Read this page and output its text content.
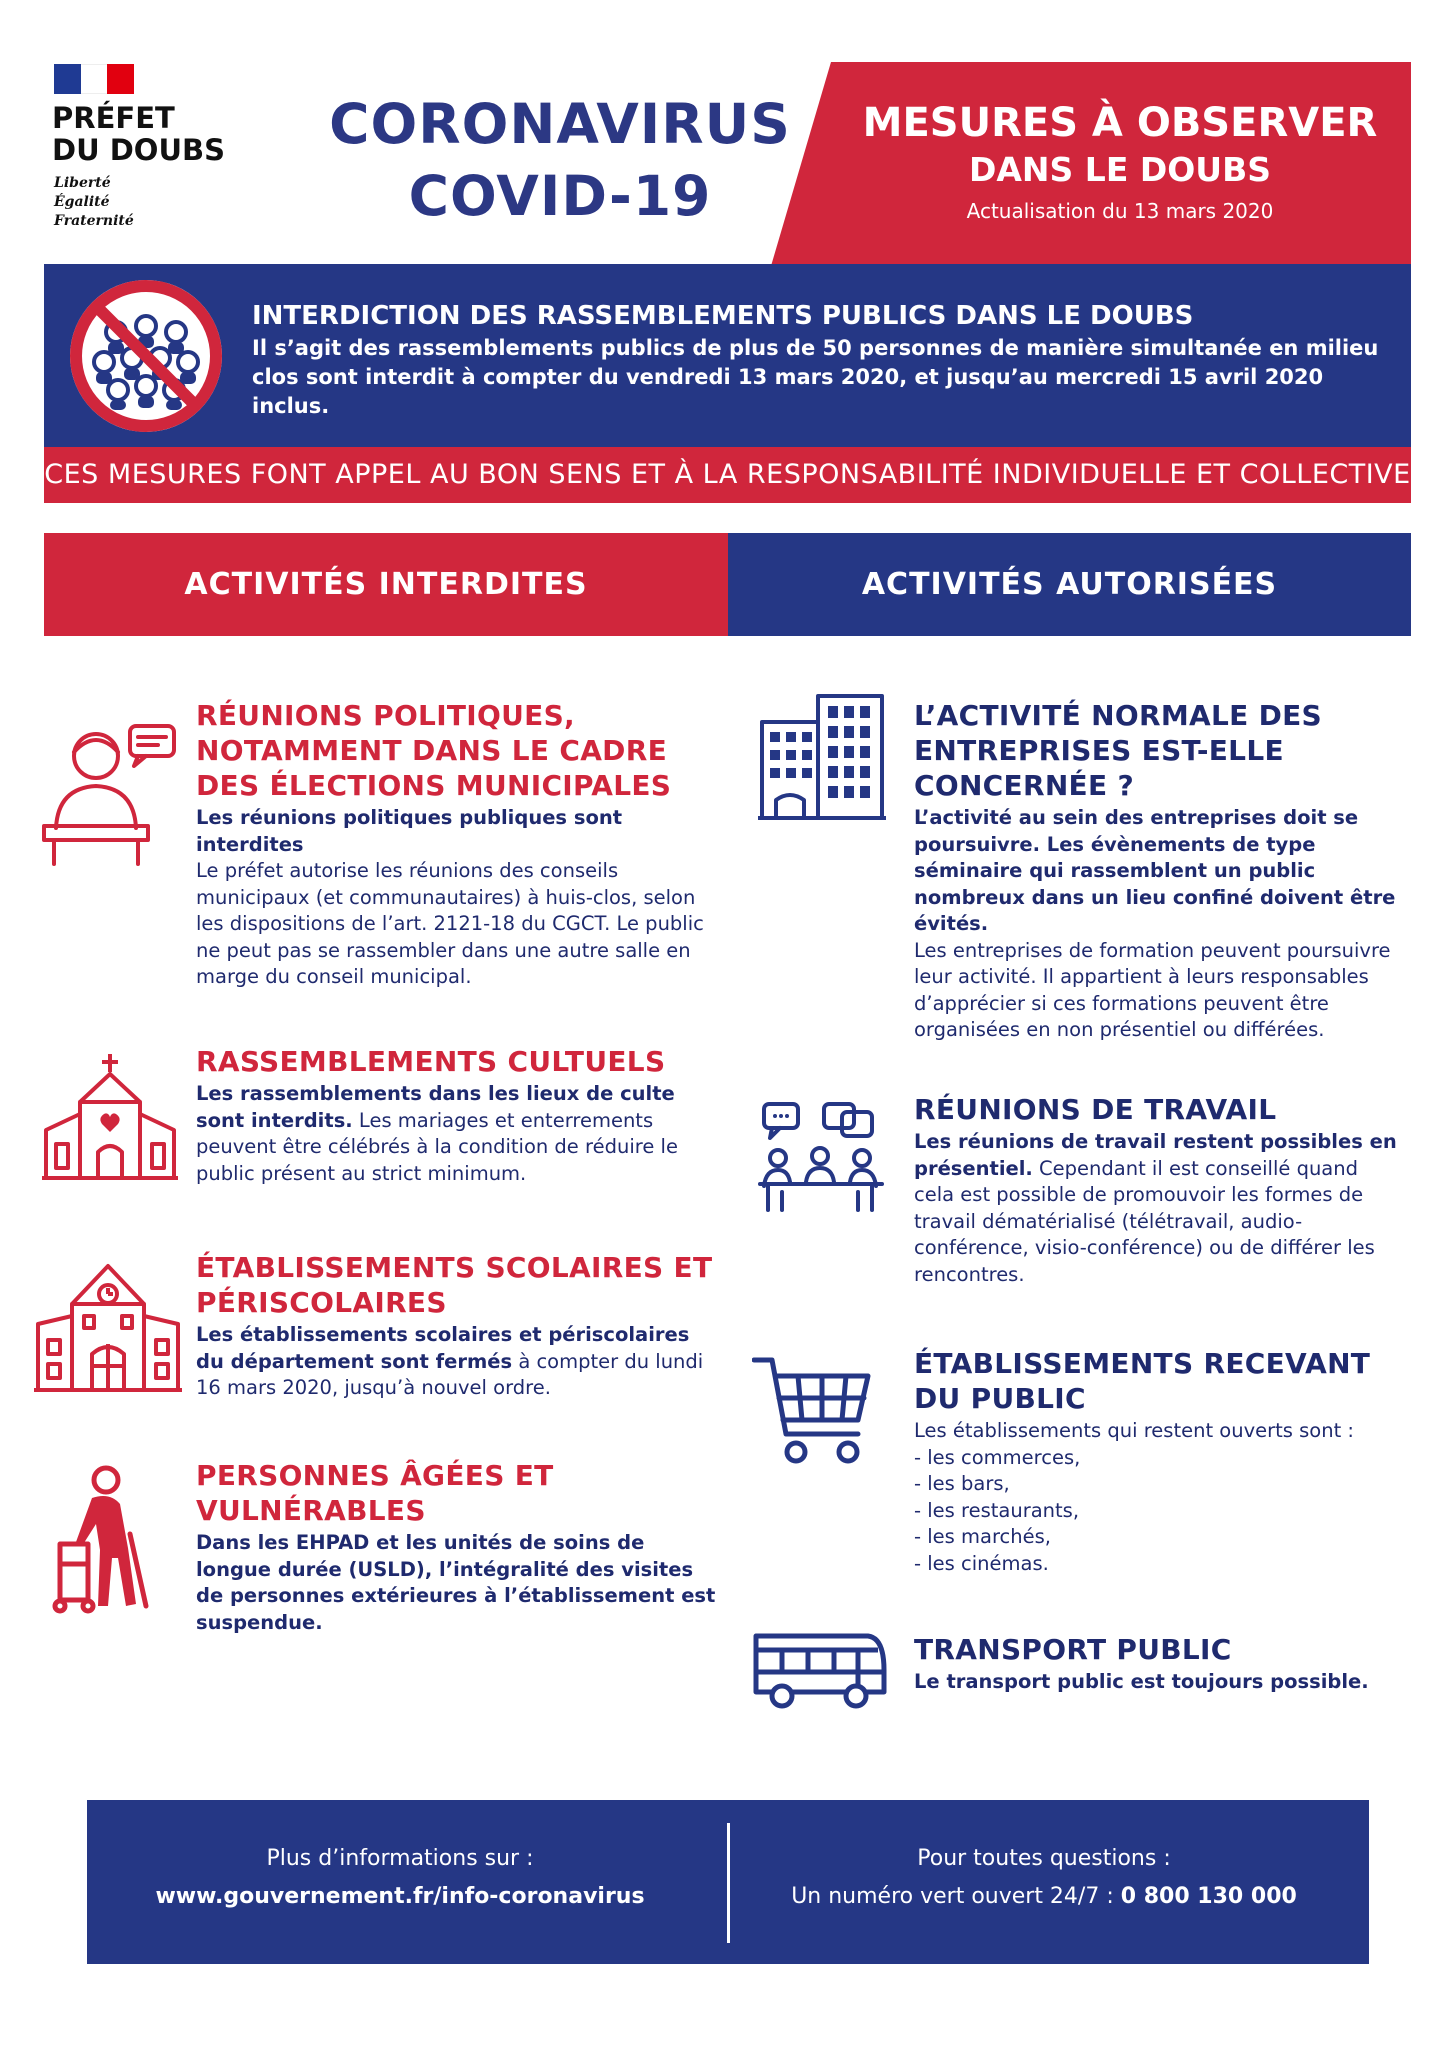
PRÉFET
DU DOUBS
Liberté
Égalité
Fraternité
CORONAVIRUS
COVID-19
MESURES À OBSERVER
DANS LE DOUBS
Actualisation du 13 mars 2020
INTERDICTION DES RASSEMBLEMENTS PUBLICS DANS LE DOUBS
Il s’agit des rassemblements publics de plus de 50 personnes de manière simultanée en milieu clos sont interdit à compter du vendredi 13 mars 2020, et jusqu’au mercredi 15 avril 2020 inclus.
CES MESURES FONT APPEL AU BON SENS ET À LA RESPONSABILITÉ INDIVIDUELLE ET COLLECTIVE
ACTIVITÉS INTERDITES	ACTIVITÉS AUTORISÉES
RÉUNIONS POLITIQUES, NOTAMMENT DANS LE CADRE DES ÉLECTIONS MUNICIPALES
Les réunions politiques publiques sont interdites
Le préfet autorise les réunions des conseils municipaux (et communautaires) à huis-clos, selon les dispositions de l’art. 2121-18 du CGCT. Le public ne peut pas se rassembler dans une autre salle en marge du conseil municipal.
RASSEMBLEMENTS CULTUELS
Les rassemblements dans les lieux de culte sont interdits. Les mariages et enterrements peuvent être célébrés à la condition de réduire le public présent au strict minimum.
ÉTABLISSEMENTS SCOLAIRES ET PÉRISCOLAIRES
Les établissements scolaires et périscolaires du département sont fermés à compter du lundi 16 mars 2020, jusqu’à nouvel ordre.
PERSONNES ÂGÉES ET VULNÉRABLES
Dans les EHPAD et les unités de soins de longue durée (USLD), l’intégralité des visites de personnes extérieures à l’établissement est suspendue.
L’ACTIVITÉ NORMALE DES ENTREPRISES EST-ELLE CONCERNÉE ?
L’activité au sein des entreprises doit se poursuivre. Les évènements de type séminaire qui rassemblent un public nombreux dans un lieu confiné doivent être évités.
Les entreprises de formation peuvent poursuivre leur activité. Il appartient à leurs responsables d’apprécier si ces formations peuvent être organisées en non présentiel ou différées.
RÉUNIONS DE TRAVAIL
Les réunions de travail restent possibles en présentiel. Cependant il est conseillé quand cela est possible de promouvoir les formes de travail dématérialisé (télétravail, audio-conférence, visio-conférence) ou de différer les rencontres.
ÉTABLISSEMENTS RECEVANT DU PUBLIC
Les établissements qui restent ouverts sont :
- les commerces,
- les bars,
- les restaurants,
- les marchés,
- les cinémas.
TRANSPORT PUBLIC
Le transport public est toujours possible.
Plus d’informations sur :
www.gouvernement.fr/info-coronavirus
Pour toutes questions :
Un numéro vert ouvert 24/7 : 0 800 130 000
